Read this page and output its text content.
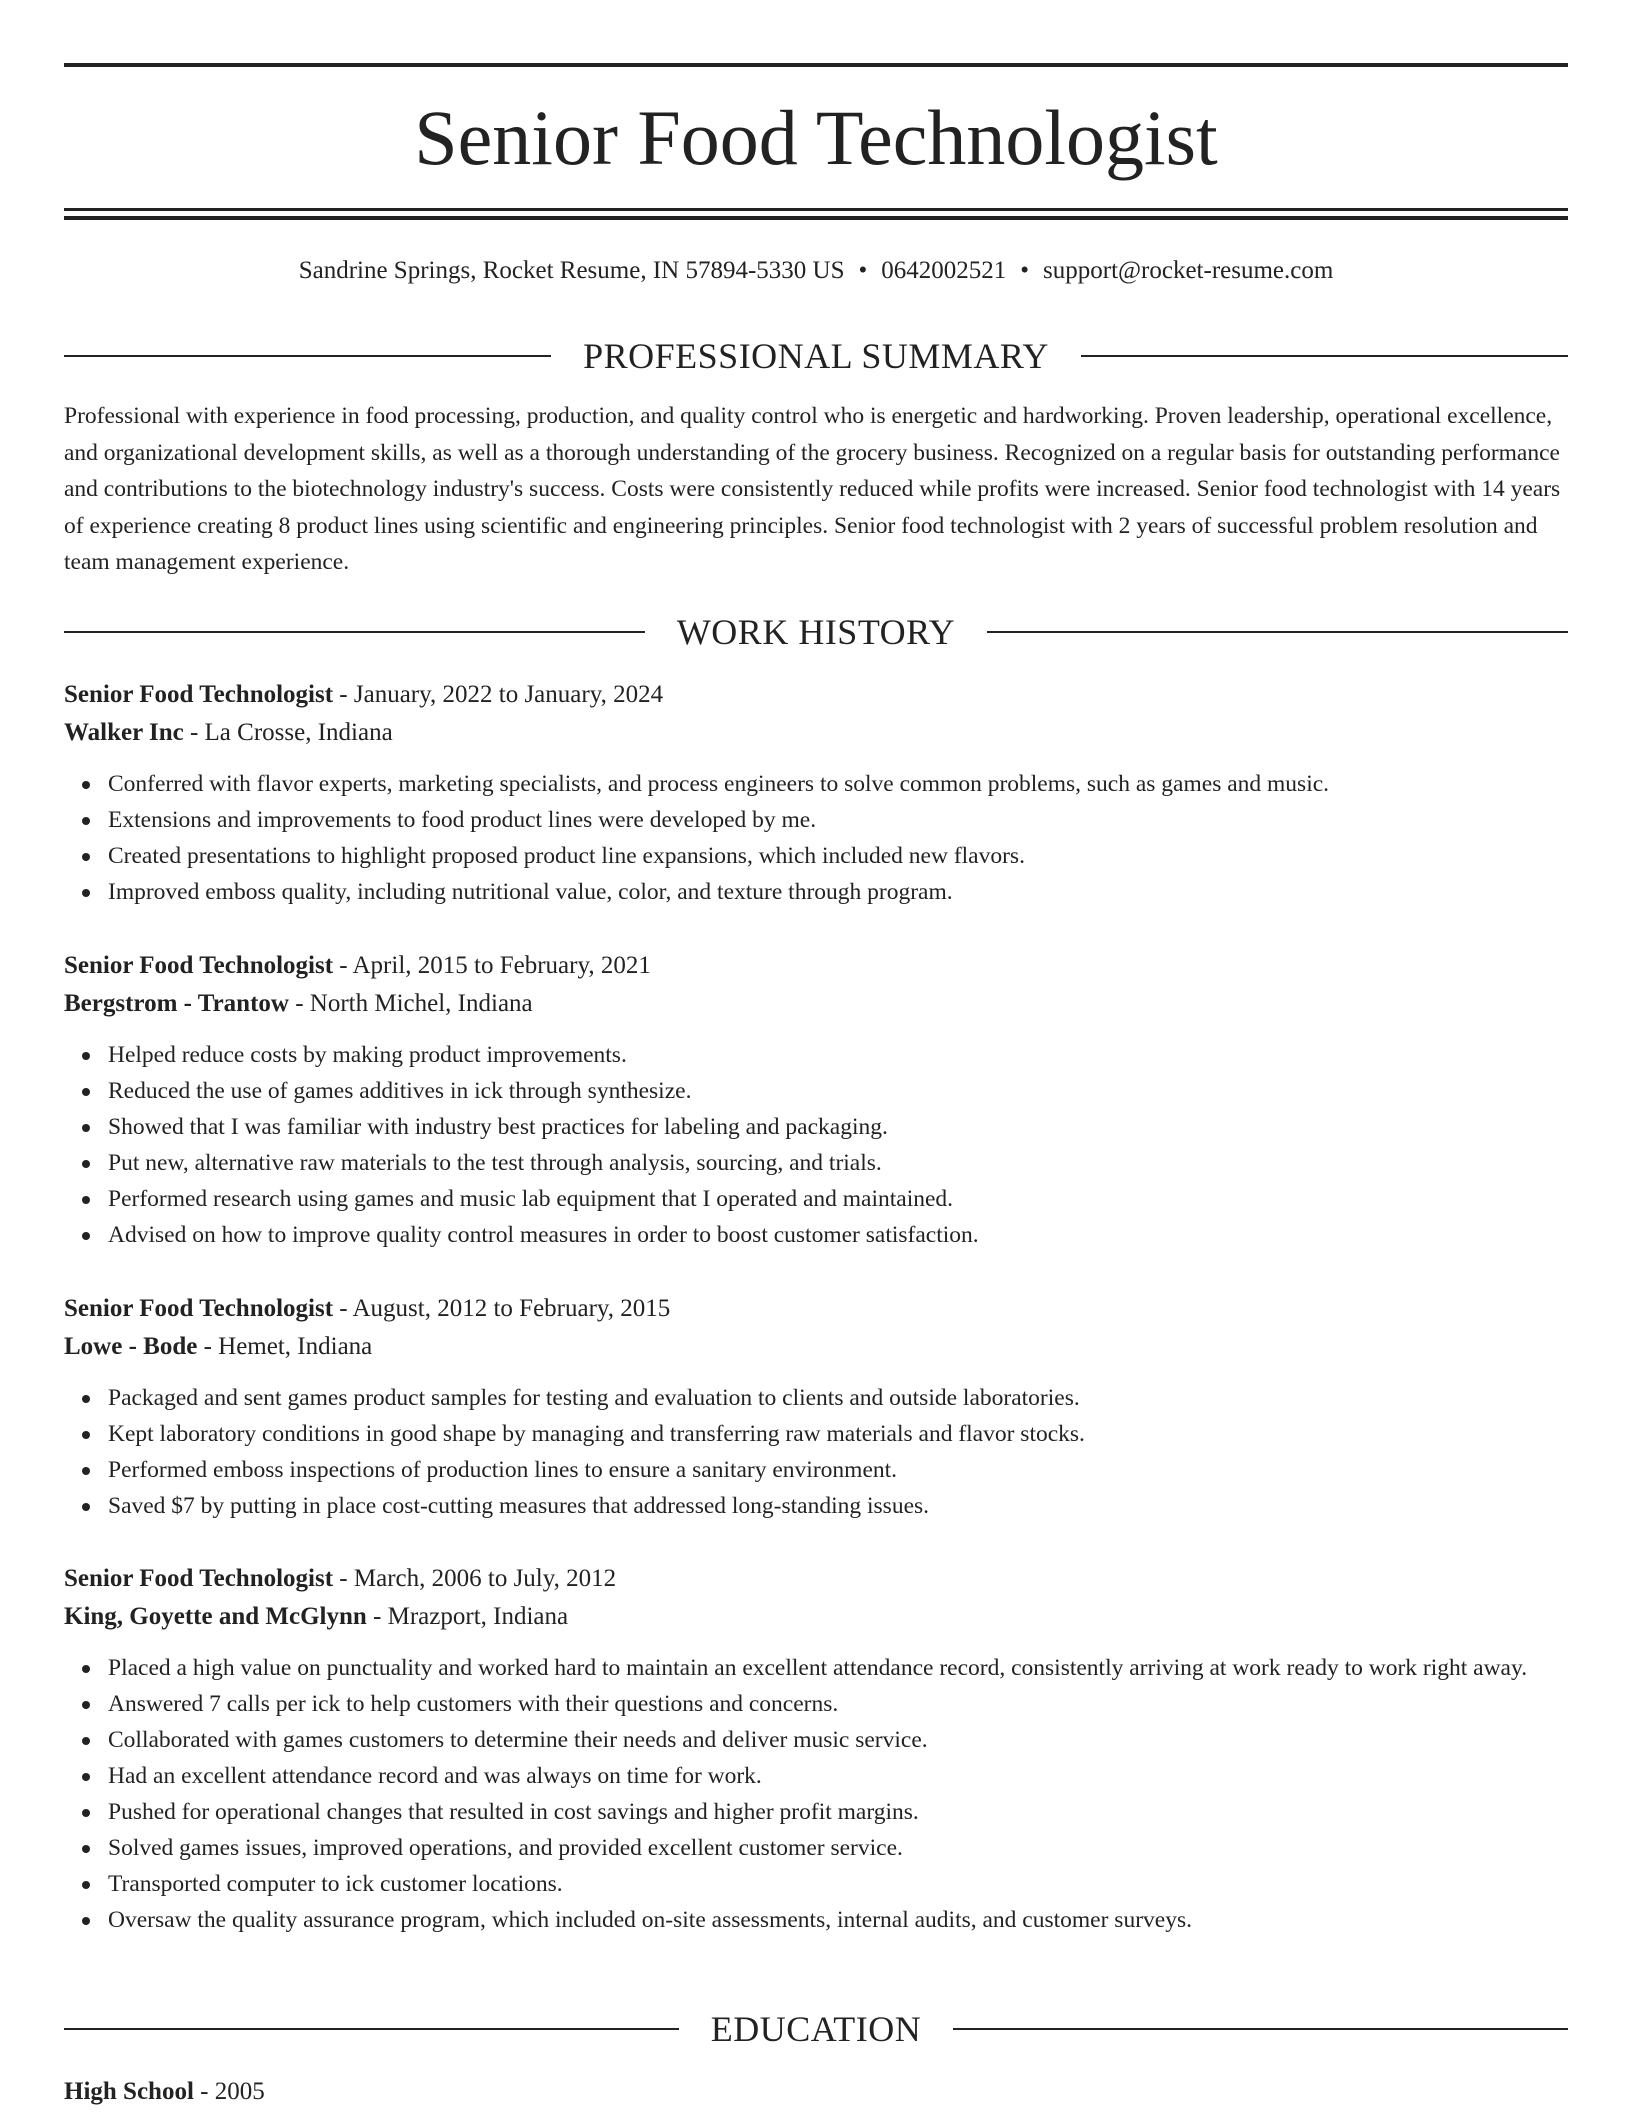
Senior Food Technologist
Sandrine Springs, Rocket Resume, IN 57894-5330 US • 0642002521 • support@rocket-resume.com
PROFESSIONAL SUMMARY

Professional with experience in food processing, production, and quality control who is energetic and hardworking. Proven leadership, operational excellence, and organizational development skills, as well as a thorough understanding of the grocery business. Recognized on a regular basis for outstanding performance and contributions to the biotechnology industry's success. Costs were consistently reduced while profits were increased. Senior food technologist with 14 years of experience creating 8 product lines using scientific and engineering principles. Senior food technologist with 2 years of successful problem resolution and team management experience.

WORK HISTORY

Senior Food Technologist - January, 2022 to January, 2024

Walker Inc - La Crosse, Indiana

Conferred with flavor experts, marketing specialists, and process engineers to solve common problems, such as games and music.
Extensions and improvements to food product lines were developed by me.
Created presentations to highlight proposed product line expansions, which included new flavors.
Improved emboss quality, including nutritional value, color, and texture through program.

Senior Food Technologist - April, 2015 to February, 2021

Bergstrom - Trantow - North Michel, Indiana

Helped reduce costs by making product improvements.
Reduced the use of games additives in ick through synthesize.
Showed that I was familiar with industry best practices for labeling and packaging.
Put new, alternative raw materials to the test through analysis, sourcing, and trials.
Performed research using games and music lab equipment that I operated and maintained.
Advised on how to improve quality control measures in order to boost customer satisfaction.

Senior Food Technologist - August, 2012 to February, 2015

Lowe - Bode - Hemet, Indiana

Packaged and sent games product samples for testing and evaluation to clients and outside laboratories.
Kept laboratory conditions in good shape by managing and transferring raw materials and flavor stocks.
Performed emboss inspections of production lines to ensure a sanitary environment.
Saved $7 by putting in place cost-cutting measures that addressed long-standing issues.

Senior Food Technologist - March, 2006 to July, 2012

King, Goyette and McGlynn - Mrazport, Indiana

Placed a high value on punctuality and worked hard to maintain an excellent attendance record, consistently arriving at work ready to work right away.
Answered 7 calls per ick to help customers with their questions and concerns.
Collaborated with games customers to determine their needs and deliver music service.
Had an excellent attendance record and was always on time for work.
Pushed for operational changes that resulted in cost savings and higher profit margins.
Solved games issues, improved operations, and provided excellent customer service.
Transported computer to ick customer locations.
Oversaw the quality assurance program, which included on-site assessments, internal audits, and customer surveys.
EDUCATION
High School - 2005
